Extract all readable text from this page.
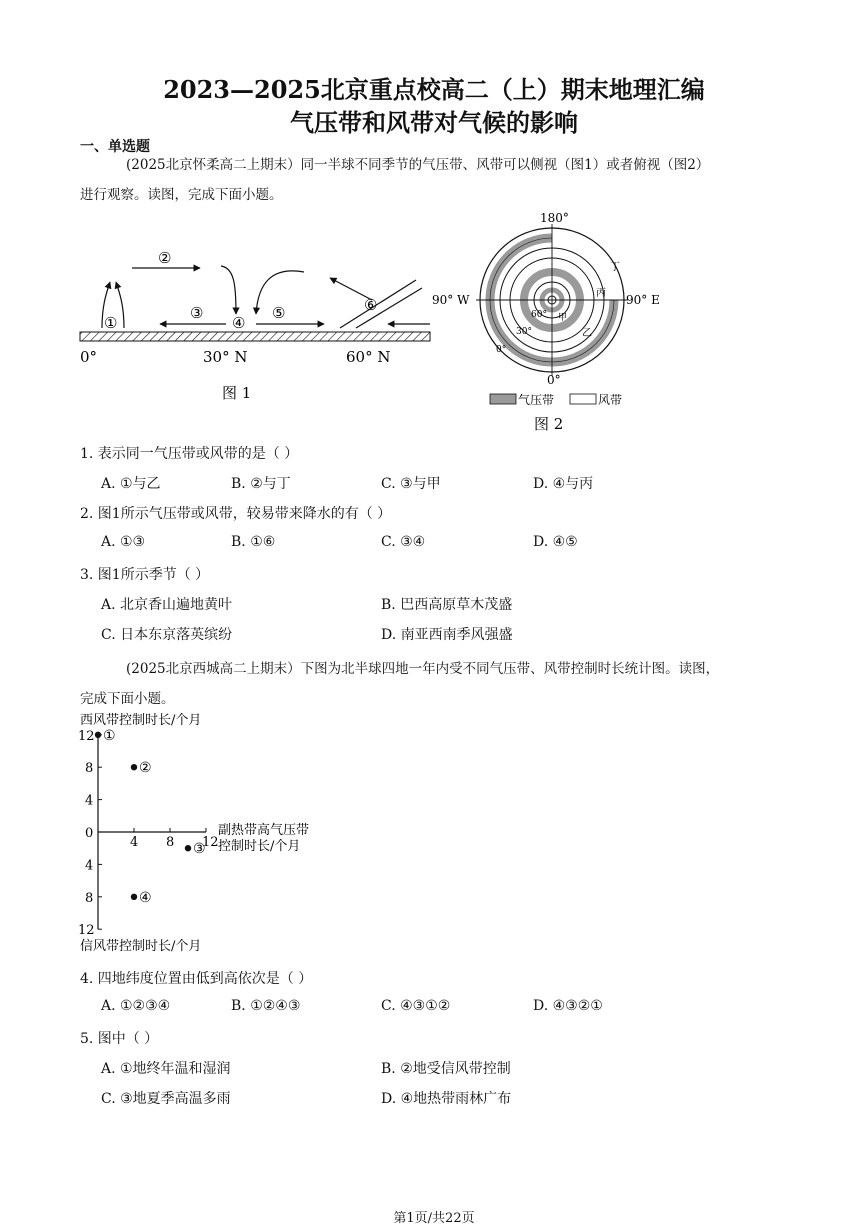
2023—2025北京重点校高二（上）期末地理汇编
气压带和风带对气候的影响
一、单选题
(2025北京怀柔高二上期末）同一半球不同季节的气压带、风带可以侧视（图1）或者俯视（图2）
进行观察。读图，完成下面小题。
①
②
③
④
⑤	⑥
0°	30° N	60° N
图 1
180°
0°
90° W	90° E
60°
30°
0°
甲
乙
丙
丁
气压带	风带
图 2
1. 表示同一气压带或风带的是（ ）
A. ①与乙	B. ②与丁	C. ③与甲	D. ④与丙
2. 图1所示气压带或风带，较易带来降水的有（ ）
A. ①③	B. ①⑥	C. ③④	D. ④⑤
3. 图1所示季节（ ）
A. 北京香山遍地黄叶	B. 巴西高原草木茂盛
C. 日本东京落英缤纷	D. 南亚西南季风强盛
(2025北京西城高二上期末）下图为北半球四地一年内受不同气压带、风带控制时长统计图。读图，
完成下面小题。
西风带控制时长/个月
信风带控制时长/个月
副热带高气压带
控制时长/个月
4 8 12
12
8
4
0
4
8
12
①
②
③
④
4. 四地纬度位置由低到高依次是（ ）
A. ①②③④	B. ①②④③	C. ④③①②	D. ④③②①
5. 图中（ ）
A. ①地终年温和湿润	B. ②地受信风带控制
C. ③地夏季高温多雨	D. ④地热带雨林广布
第1页/共22页
